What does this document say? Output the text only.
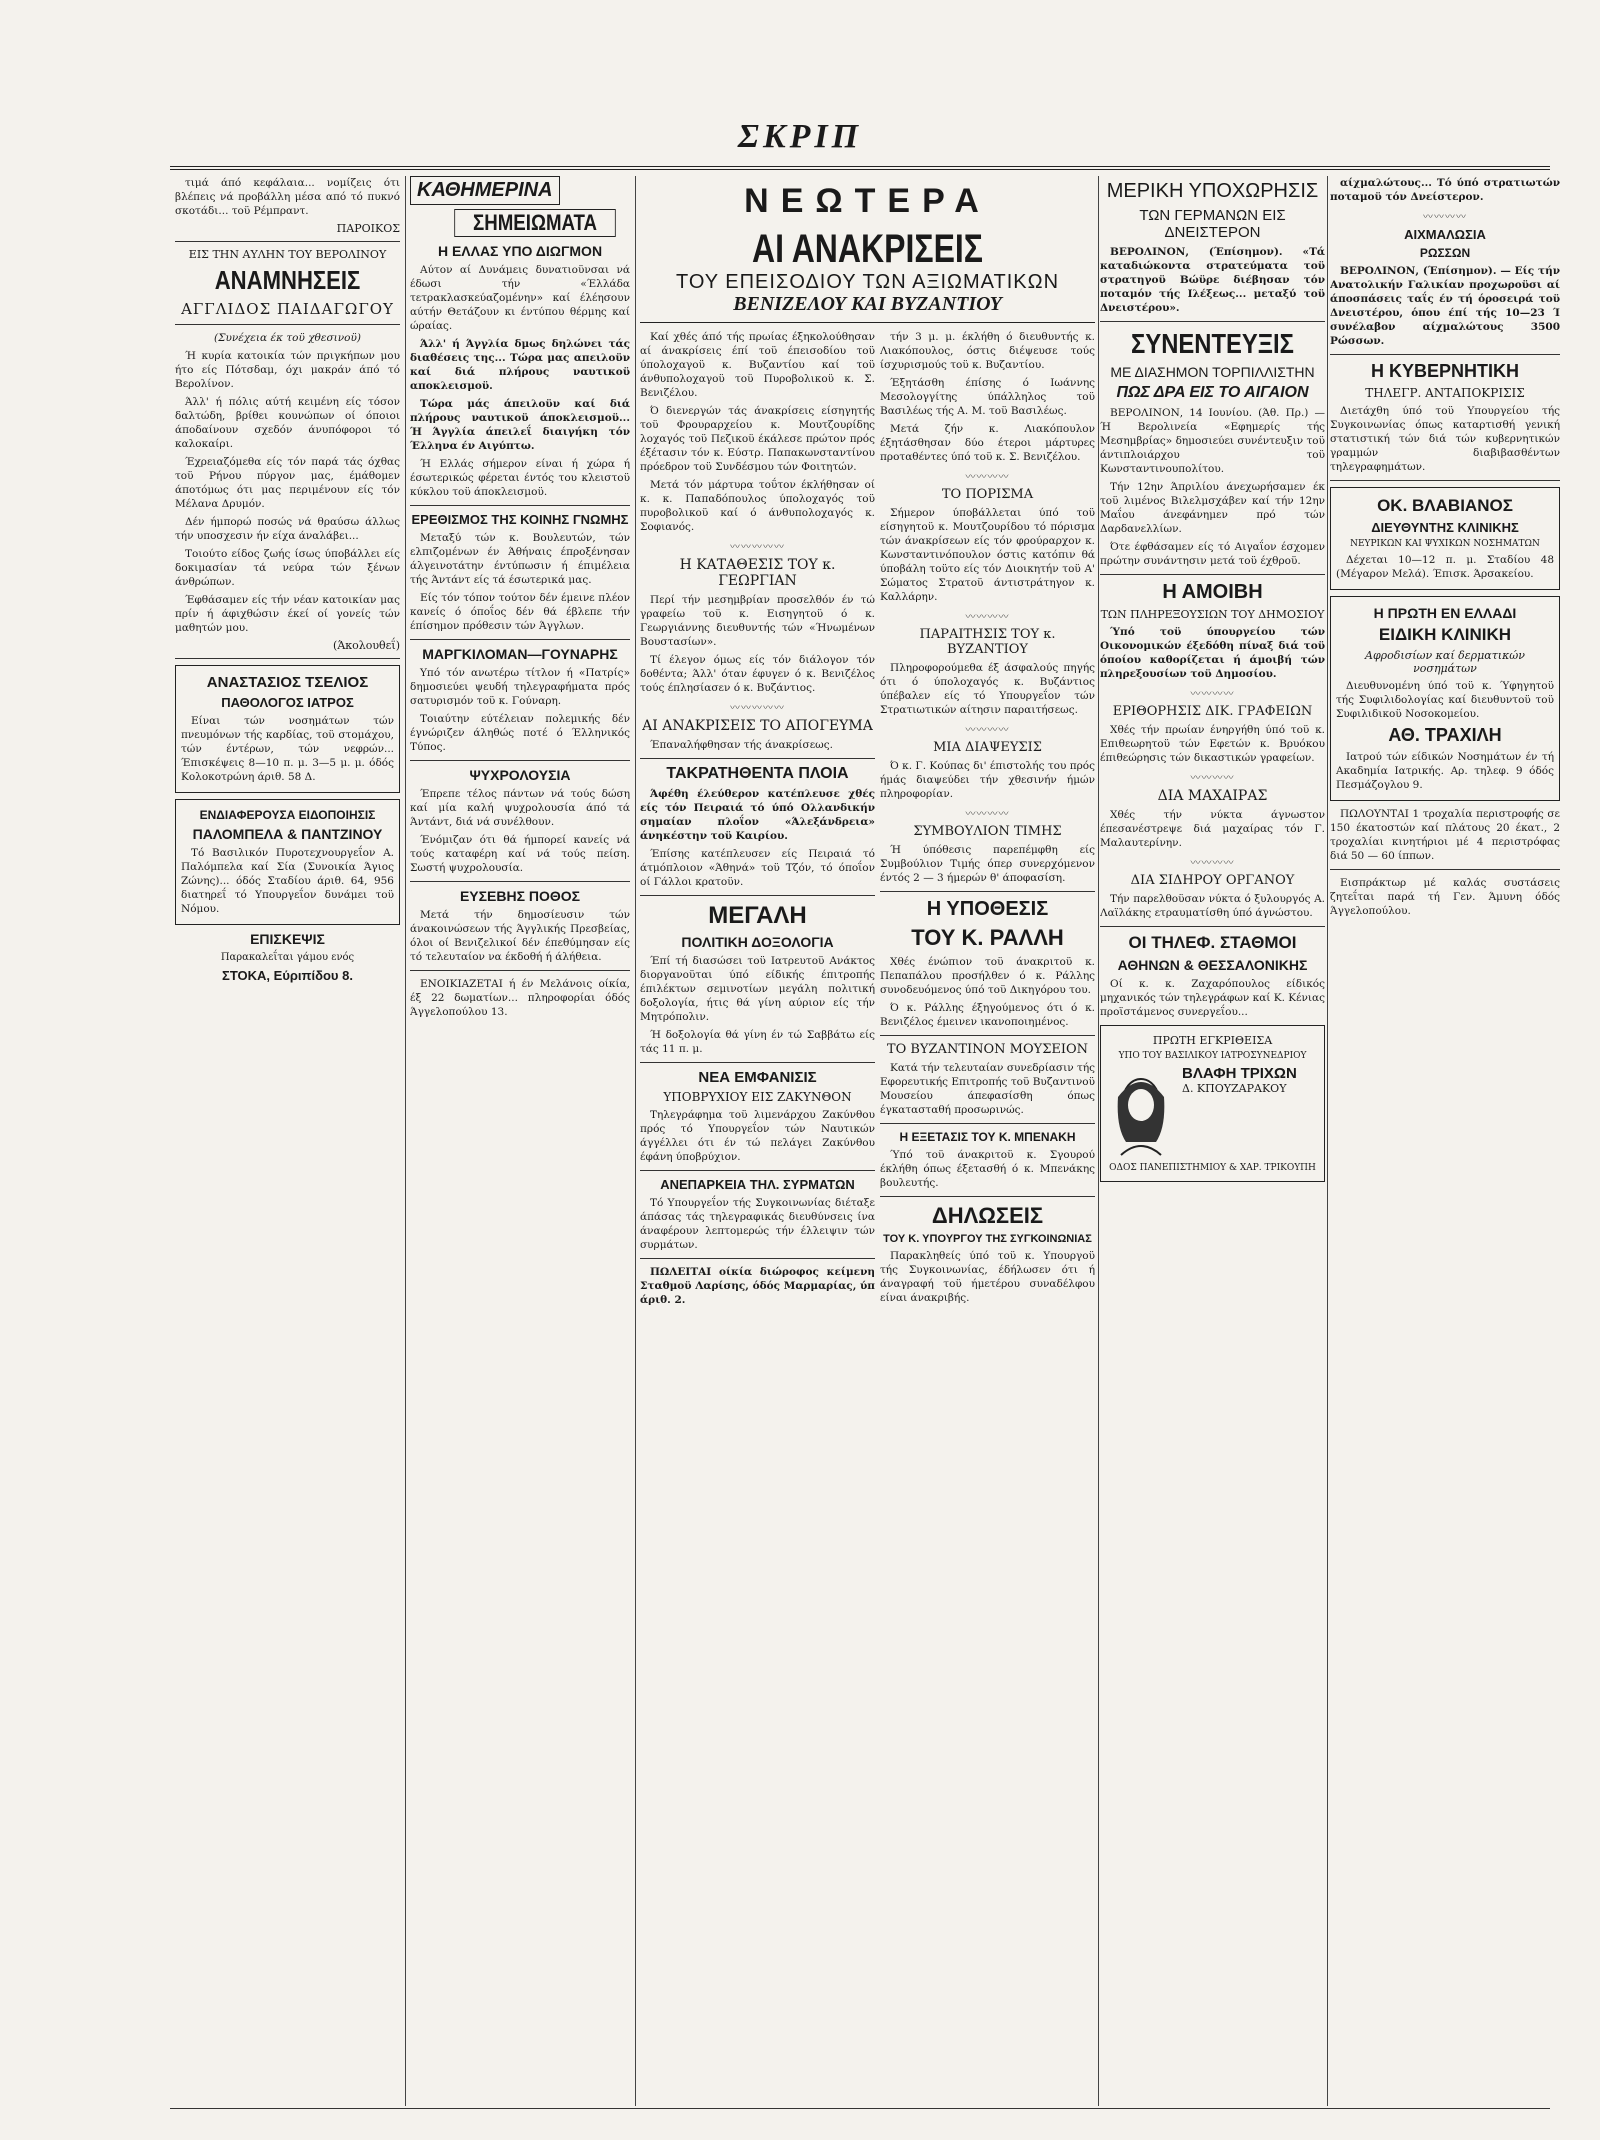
ΣΚΡΙΠ
ΝΕΩΤΕΡΑ
ΑΙ ΑΝΑΚΡΙΣΕΙΣ
ΤΟΥ ΕΠΕΙΣΟΔΙΟΥ ΤΩΝ ΑΞΙΩΜΑΤΙΚΩΝ
ΒΕΝΙΖΕΛΟΥ ΚΑΙ ΒΥΖΑΝΤΙΟΥ

τιμά άπό κεφάλαια... νομίζεις ότι βλέπεις νά προβάλλη μέσα από τό πυκνό σκοτάδι... τοϋ Ρέμπραντ.

ΠΑΡΟΙΚΟΣ
ΕΙΣ ΤΗΝ ΑΥΛΗΝ ΤΟΥ ΒΕΡΟΛΙΝΟΥ
ΑΝΑΜΝΗΣΕΙΣ
ΑΓΓΛΙΔΟΣ ΠΑΙΔΑΓΩΓΟΥ

(Συνέχεια έκ τοϋ χθεσινοϋ)

Ή κυρία κατοικία τών πριγκήπων μου ήτο είς Πότσδαμ, όχι μακράν άπό τό Βερολίνον.

Άλλ' ή πόλις αύτή κειμένη είς τόσον δαλτώδη, βρίθει κουνώπων οί όποιοι άποδαίνουν σχεδόν άνυπόφοροι τό καλοκαίρι.

Έχρειαζόμεθα είς τόν παρά τάς όχθας τοϋ Ρήνου πύργον μας, έμάθομεν άποτόμως ότι μας περιμένουν είς τόν Μέλανα Δρυμόν.

Δέν ήμπορώ ποσώς νά θραύσω άλλως τήν υποσχεσιν ήν είχα άναλάβει...

Τοιούτο είδος ζωής ίσως ύποβάλλει είς δοκιμασίαν τά νεύρα τών ξένων άνθρώπων.

Έφθάσαμεν είς τήν νέαν κατοικίαν μας πρίν ή άφιχθώσιν έκεί οί γονείς τών μαθητών μου.

(Άκολουθεΐ)
ΑΝΑΣΤΑΣΙΟΣ ΤΣΕΛΙΟΣ
ΠΑΘΟΛΟΓΟΣ ΙΑΤΡΟΣ

Είναι τών νοσημάτων τών πνευμόνων τής καρδίας, τοϋ στομάχου, τών έντέρων, τών νεφρών... Έπισκέψεις 8—10 π. μ. 3—5 μ. μ. όδός Κολοκοτρώνη άριθ. 58 Δ.

ΕΝΔΙΑΦΕΡΟΥΣΑ ΕΙΔΟΠΟΙΗΣΙΣ
ΠΑΛΟΜΠΕΛΑ & ΠΑΝΤΖΙΝΟΥ

Τό Βασιλικόν Πυροτεχνουργεΐον Α. Παλόμπελα καί Σία (Συνοικία Άγιος Ζώνης)... όδός Σταδίου άριθ. 64, 956 διατηρεΐ τό Υπουργεΐον δυνάμει τοϋ Νόμου.

ΕΠΙΣΚΕΨΙΣ
Παρακαλεΐται γάμου ενός
ΣΤΟΚΑ, Εύριπίδου 8.
ΚΑΘΗΜΕΡΙΝΑ
ΣΗΜΕΙΩΜΑΤΑ
Η ΕΛΛΑΣ ΥΠΟ ΔΙΩΓΜΟΝ

Αύτον αί Δυνάμεις δυνατιοϋνσαι νά έδωσι τήν «Έλλάδα τετρακλασκεύαζομένην» καί έλέησουν αύτήν Θετάζουν κι έντύπου θέρμης καί ώραίας.

Άλλ' ή Άγγλία δμως δηλώνει τάς διαθέσεις της... Τώρα μας απειλοϋν καί διά πλήρους ναυτικοϋ αποκλεισμοϋ.

Τώρα μάς άπειλοϋν καί διά πλήρους ναυτικοϋ άποκλεισμοϋ... Ή Άγγλία άπειλεΐ διαιγήκη τόν Έλληνα έν Αιγύπτω.

Ή Ελλάς σήμερον είναι ή χώρα ή έσωτερικώς φέρεται έντός του κλειστοϋ κύκλου τοϋ άποκλεισμοϋ.

ΕΡΕΘΙΣΜΟΣ ΤΗΣ ΚΟΙΝΗΣ ΓΝΩΜΗΣ

Μεταξύ τών κ. Βουλευτών, τών ελπιζομένων έν Άθήναις έπροξένησαν άλγεινοτάτην έντύπωσιν ή έπιμέλεια τής Άντάντ είς τά έσωτερικά μας.

Είς τόν τόπον τούτον δέν έμεινε πλέον κανείς ό όποΐος δέν θά έβλεπε τήν έπίσημον πρόθεσιν τών Άγγλων.

ΜΑΡΓΚΙΛΟΜΑΝ—ΓΟΥΝΑΡΗΣ

Υπό τόν ανωτέρω τίτλον ή «Πατρίς» δημοσιεύει ψευδή τηλεγραφήματα πρός σατυρισμόν τοϋ κ. Γούναρη.

Τοιαύτην εύτέλειαν πολεμικής δέν έγνώριζεν άληθώς ποτέ ό Έλληνικός Τύπος.

ΨΥΧΡΟΛΟΥΣΙΑ

Έπρεπε τέλος πάντων νά τούς δώση καί μία καλή ψυχρολουσία άπό τά Άντάντ, διά νά συνέλθουν.

Ένόμιζαν ότι θά ήμπορεί κανείς νά τούς καταφέρη καί νά τούς πείση. Σωστή ψυχρολουσία.

ΕΥΣΕΒΗΣ ΠΟΘΟΣ

Μετά τήν δημοσίευσιν τών άνακοινώσεων τής Άγγλικής Πρεσβείας, όλοι οί Βενιζελικοί δέν έπεθύμησαν είς τό τελευταίον να έκδοθή ή άλήθεια.

ΕΝΟΙΚΙΑΖΕΤΑΙ ή έν Μελάνοις οίκία, έξ 22 δωματίων... πληροφορίαι όδός Άγγελοπούλου 13.

Καί χθές άπό τής πρωίας έξηκολούθησαν αί άνακρίσεις έπί τοϋ έπεισοδίου τοϋ ύπολοχαγοϋ κ. Βυζαντίου καί τοϋ άνθυπολοχαγοϋ τοϋ Πυροβολικοϋ κ. Σ. Βενιζέλου.

Ό διενεργών τάς άνακρίσεις είσηγητής τοϋ Φρουραρχείου κ. Μουτζουρίδης λοχαγός τοϋ Πεζικοϋ έκάλεσε πρώτον πρός έξέτασιν τόν κ. Εύστρ. Παπακωνσταντίνου πρόεδρον τοϋ Συνδέσμου τών Φοιτητών.

Μετά τόν μάρτυρα τοΰτον έκλήθησαν οί κ. κ. Παπαδόπουλος ύπολοχαγός τοϋ πυροβολικοϋ καί ό άνθυπολοχαγός κ. Σοφιανός.

〰〰〰〰〰
Η ΚΑΤΑΘΕΣΙΣ ΤΟΥ κ. ΓΕΩΡΓΙΑΝ

Περί τήν μεσημβρίαν προσελθόν έν τώ γραφείω τοϋ κ. Εισηγητοϋ ό κ. Γεωργιάννης διευθυντής τών «Ήνωμένων Βουστασίων».

Τί έλεγον όμως είς τόν διάλογον τόν δοθέντα; Άλλ' όταν έφυγεν ό κ. Βενιζέλος τούς έπλησίασεν ό κ. Βυζάντιος.

〰〰〰〰〰
ΑΙ ΑΝΑΚΡΙΣΕΙΣ ΤΟ ΑΠΟΓΕΥΜΑ

Έπαναλήφθησαν τής άνακρίσεως.

ΤΑΚΡΑΤΗΘΕΝΤΑ ΠΛΟΙΑ

Άφέθη έλεύθερον κατέπλευσε χθές είς τόν Πειραιά τό ύπό Ολλανδικήν σημαίαν πλοΐον «Άλεξάνδρεια» άνηκέστην τοϋ Καιρίου.

Έπίσης κατέπλευσεν είς Πειραιά τό άτμόπλοιον «Άθηνά» τοϋ Τζόν, τό όποΐον οί Γάλλοι κρατοϋν.

ΜΕΓΑΛΗ
ΠΟΛΙΤΙΚΗ ΔΟΞΟΛΟΓΙΑ

Έπί τή διασώσει τοϋ Ιατρευτοϋ Ανάκτος διοργανοϋται ύπό είδικής έπιτροπής έπιλέκτων σεμινοτίων μεγάλη πολιτική δοξολογία, ήτις θά γίνη αύριον είς τήν Μητρόπολιν.

Ή δοξολογία θά γίνη έν τώ Σαββάτω είς τάς 11 π. μ.

ΝΕΑ ΕΜΦΑΝΙΣΙΣ
ΥΠΟΒΡΥΧΙΟΥ ΕΙΣ ΖΑΚΥΝΘΟΝ

Τηλεγράφημα τοϋ λιμενάρχου Ζακύνθου πρός τό Υπουργεΐον τών Ναυτικών άγγέλλει ότι έν τώ πελάγει Ζακύνθου έφάνη ύποβρύχιον.

ΑΝΕΠΑΡΚΕΙΑ ΤΗΛ. ΣΥΡΜΑΤΩΝ

Τό Υπουργεΐον τής Συγκοινωνίας διέταξε άπάσας τάς τηλεγραφικάς διευθύνσεις ίνα άναφέρουν λεπτομερώς τήν έλλειψιν τών συρμάτων.

ΠΩΛΕΙΤΑΙ οίκία διώροφος κείμενη Σταθμοϋ Λαρίσης, όδός Μαρμαρίας, ύπ άριθ. 2.

τήν 3 μ. μ. έκλήθη ό διευθυντής κ. Λιακόπουλος, όστις διέψευσε τούς ίσχυρισμούς τοϋ κ. Βυζαντίου.

Έξητάσθη έπίσης ό Ιωάννης Μεσολογγίτης ύπάλληλος τοϋ Βασιλέως τής Α. Μ. τοϋ Βασιλέως.

Μετά ζήν κ. Λιακόπουλον έξητάσθησαν δύο έτεροι μάρτυρες προταθέντες ύπό τοϋ κ. Σ. Βενιζέλου.

〰〰〰〰
ΤΟ ΠΟΡΙΣΜΑ

Σήμερον ύποβάλλεται ύπό τοϋ είσηγητοϋ κ. Μουτζουρίδου τό πόρισμα τών άνακρίσεων είς τόν φρούραρχον κ. Κωνσταντινόπουλον όστις κατόπιν θά ύποβάλη τοϋτο είς τόν Διοικητήν τοϋ Α' Σώματος Στρατοϋ άντιστράτηγον κ. Καλλάρην.

〰〰〰〰
ΠΑΡΑΙΤΗΣΙΣ ΤΟΥ κ. ΒΥΖΑΝΤΙΟΥ

Πληροφορούμεθα έξ άσφαλούς πηγής ότι ό ύπολοχαγός κ. Βυζάντιος ύπέβαλεν είς τό Υπουργεΐον τών Στρατιωτικών αίτησιν παραιτήσεως.

〰〰〰〰
ΜΙΑ ΔΙΑΨΕΥΣΙΣ

Ό κ. Γ. Κούπας δι' έπιστολής του πρός ήμάς διαψεύδει τήν χθεσινήν ήμών πληροφορίαν.

〰〰〰〰
ΣΥΜΒΟΥΛΙΟΝ ΤΙΜΗΣ

Ή ύπόθεσις παρεπέμφθη είς Συμβούλιον Τιμής όπερ συνερχόμενον έντός 2 — 3 ήμερών θ' άποφασίση.

Η ΥΠΟΘΕΣΙΣ
ΤΟΥ Κ. ΡΑΛΛΗ

Χθές ένώπιον τοϋ άνακριτοϋ κ. Πεπαπάλου προσήλθεν ό κ. Ράλλης συνοδευόμενος ύπό τοϋ Δικηγόρου του.

Ό κ. Ράλλης έξηγούμενος ότι ό κ. Βενιζέλος έμεινεν ικανοποιημένος.

ΤΟ ΒΥΖΑΝΤΙΝΟΝ ΜΟΥΣΕΙΟΝ

Κατά τήν τελευταίαν συνεδρίασιν τής Εφορευτικής Επιτροπής τοϋ Βυζαντινοϋ Μουσείου άπεφασίσθη όπως έγκατασταθή προσωρινώς.

Η ΕΞΕΤΑΣΙΣ ΤΟΥ Κ. ΜΠΕΝΑΚΗ

Ύπό τοϋ άνακριτοϋ κ. Σγουρού έκλήθη όπως έξετασθή ό κ. Μπενάκης βουλευτής.

ΔΗΛΩΣΕΙΣ
ΤΟΥ Κ. ΥΠΟΥΡΓΟΥ ΤΗΣ ΣΥΓΚΟΙΝΩΝΙΑΣ

Παρακληθείς ύπό τοϋ κ. Υπουργοϋ τής Συγκοινωνίας, έδήλωσεν ότι ή άναγραφή τοϋ ήμετέρου συναδέλφου είναι άνακριβής.

ΜΕΡΙΚΗ ΥΠΟΧΩΡΗΣΙΣ
ΤΩΝ ΓΕΡΜΑΝΩΝ ΕΙΣ ΔΝΕΙΣΤΕΡΟΝ

ΒΕΡΟΛΙΝΟΝ, (Έπίσημον). «Τά καταδιώκοντα στρατεύματα τοϋ στρατηγοϋ Βώϋρε διέβησαν τόν ποταμόν τής Ιλέξεως... μεταξύ τοϋ Δνειστέρου».

ΣΥΝΕΝΤΕΥΞΙΣ
ΜΕ ΔΙΑΣΗΜΟΝ ΤΟΡΠΙΛΛΙΣΤΗΝ
ΠΩΣ ΔΡΑ ΕΙΣ ΤΟ ΑΙΓΑΙΟΝ

ΒΕΡΟΛΙΝΟΝ, 14 Ιουνίου. (Άθ. Πρ.) — Ή Βερολινεία «Εφημερίς τής Μεσημβρίας» δημοσιεύει συνέντευξιν τοϋ άντιπλοιάρχου τοϋ Κωνσταντινουπολίτου.

Τήν 12ην Άπριλίου άνεχωρήσαμεν έκ τοϋ λιμένος Βιλελμσχάβεν καί τήν 12ην Μαΐου άνεφάνημεν πρό τών Δαρδανελλίων.

Ότε έφθάσαμεν είς τό Αιγαΐον έσχομεν πρώτην συνάντησιν μετά τοϋ έχθροϋ.

Η ΑΜΟΙΒΗ
ΤΩΝ ΠΛΗΡΕΞΟΥΣΙΩΝ ΤΟΥ ΔΗΜΟΣΙΟΥ

Ύπό τοϋ ύπουργείου τών Οικονομικών έξεδόθη πίναξ διά τοϋ όποίου καθορίζεται ή άμοιβή τών πληρεξουσίων τοϋ Δημοσίου.

〰〰〰〰
ΕΡΙΘΟΡΗΣΙΣ ΔΙΚ. ΓΡΑΦΕΙΩΝ

Χθές τήν πρωίαν ένηργήθη ύπό τοϋ κ. Επιθεωρητοϋ τών Εφετών κ. Βρυόκου έπιθεώρησις τών δικαστικών γραφείων.

〰〰〰〰
ΔΙΑ ΜΑΧΑΙΡΑΣ

Χθές τήν νύκτα άγνωστον έπεσανέστρεψε διά μαχαίρας τόν Γ. Μαλαυτερίνην.

〰〰〰〰
ΔΙΑ ΣΙΔΗΡΟΥ ΟΡΓΑΝΟΥ

Τήν παρελθοϋσαν νύκτα ό ξυλουργός Α. Λαϊλάκης ετραυματίσθη ύπό άγνώστου.

ΟΙ ΤΗΛΕΦ. ΣΤΑΘΜΟΙ
ΑΘΗΝΩΝ & ΘΕΣΣΑΛΟΝΙΚΗΣ

Οί κ. κ. Ζαχαρόπουλος είδικός μηχανικός τών τηλεγράφων καί Κ. Κένιας προϊστάμενος συνεργεΐου...

ΠΡΩΤΗ ΕΓΚΡΙΘΕΙΣΑ
ΥΠΟ ΤΟΥ ΒΑΣΙΛΙΚΟΥ ΙΑΤΡΟΣΥΝΕΔΡΙΟΥ
ΒΛΑΦΗ ΤΡΙΧΩΝ
Δ. ΚΠΟΥΖΑΡΑΚΟΥ
ΟΔΟΣ ΠΑΝΕΠΙΣΤΗΜΙΟΥ & ΧΑΡ. ΤΡΙΚΟΥΠΗ

αίχμαλώτους... Τό ύπό στρατιωτών ποταμοϋ τόν Δνείστερον.

〰〰〰〰
ΑΙΧΜΑΛΩΣΙΑ
ΡΩΣΣΩΝ

ΒΕΡΟΛΙΝΟΝ, (Έπίσημον). — Είς τήν Ανατολικήν Γαλικίαν προχωροϋσι αί άποσπάσεις ταΐς έν τή όροσειρά τοϋ Δνειστέρου, όπου έπί τής 10—23 Ί συνέλαβον αίχμαλώτους 3500 Ρώσσων.

Η ΚΥΒΕΡΝΗΤΙΚΗ
ΤΗΛΕΓΡ. ΑΝΤΑΠΟΚΡΙΣΙΣ

Διετάχθη ύπό τοϋ Υπουργείου τής Συγκοινωνίας όπως καταρτισθή γενική στατιστική τών διά τών κυβερνητικών γραμμών διαβιβασθέντων τηλεγραφημάτων.

ΟΚ. ΒΛΑΒΙΑΝΟΣ
ΔΙΕΥΘΥΝΤΗΣ ΚΛΙΝΙΚΗΣ
ΝΕΥΡΙΚΩΝ ΚΑΙ ΨΥΧΙΚΩΝ ΝΟΣΗΜΑΤΩΝ

Δέχεται 10—12 π. μ. Σταδίου 48 (Μέγαρον Μελά). Έπισκ. Άρσακείου.

Η ΠΡΩΤΗ ΕΝ ΕΛΛΑΔΙ
ΕΙΔΙΚΗ ΚΛΙΝΙΚΗ
Αφροδισίων καί δερματικών νοσημάτων

Διευθυνομένη ύπό τοϋ κ. Ύφηγητοϋ τής Συφιλιδολογίας καί διευθυντοϋ τοϋ Συφιλιδικοϋ Νοσοκομείου.

ΑΘ. ΤΡΑΧΙΛΗ

Ιατρού τών είδικών Νοσημάτων έν τή Ακαδημία Ιατρικής. Αρ. τηλεφ. 9 όδός Πεσμάζογλου 9.

ΠΩΛΟΥΝΤΑΙ 1 τροχαλία περιστροφής σε 150 έκατοστών καί πλάτους 20 έκατ., 2 τροχαλίαι κινητήριοι μέ 4 περιστρόφας διά 50 — 60 ίππων.

Εισπράκτωρ μέ καλάς συστάσεις ζητεΐται παρά τή Γεν. Άμυνη όδός Άγγελοπούλου.
